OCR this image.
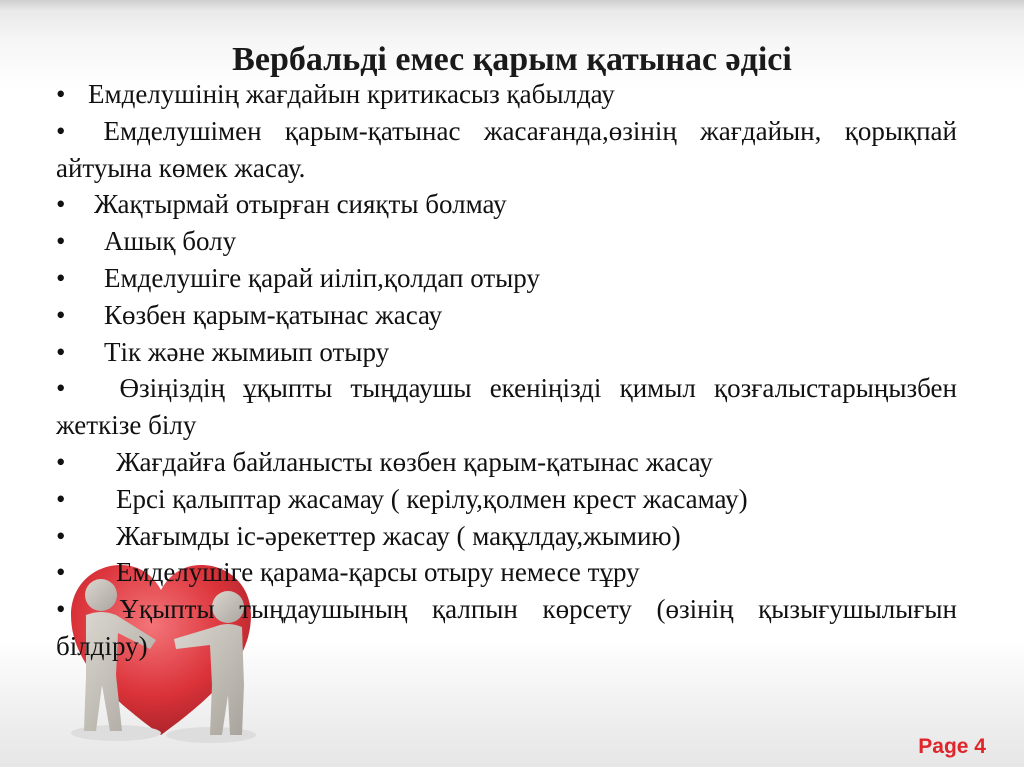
Вербальді емес қарым қатынас әдісі
• Емделушінің жағдайын критикасыз қабылдау
• Емделушімен қарым-қатынас жасағанда,өзінің жағдайын, қорықпай айтуына көмек жасау.
•	Жақтырмай отырған сияқты болмау
•	Ашық болу
•	Емделушіге қарай иіліп,қолдап отыру
•	Көзбен қарым-қатынас жасау
•	Тік және жымиып отыру
• Өзіңіздің ұқыпты тыңдаушы екеніңізді қимыл қозғалыстарыңызбен жеткізе білу
•	Жағдайға байланысты көзбен қарым-қатынас жасау
•	Ерсі қалыптар жасамау ( керілу,қолмен крест жасамау)
•	Жағымды іс-әрекеттер жасау ( мақұлдау,жымию)
•	Емделушіге қарама-қарсы отыру немесе тұру
• Ұқыпты тыңдаушының қалпын көрсету (өзінің қызығушылығын білдіру)
Page 4
